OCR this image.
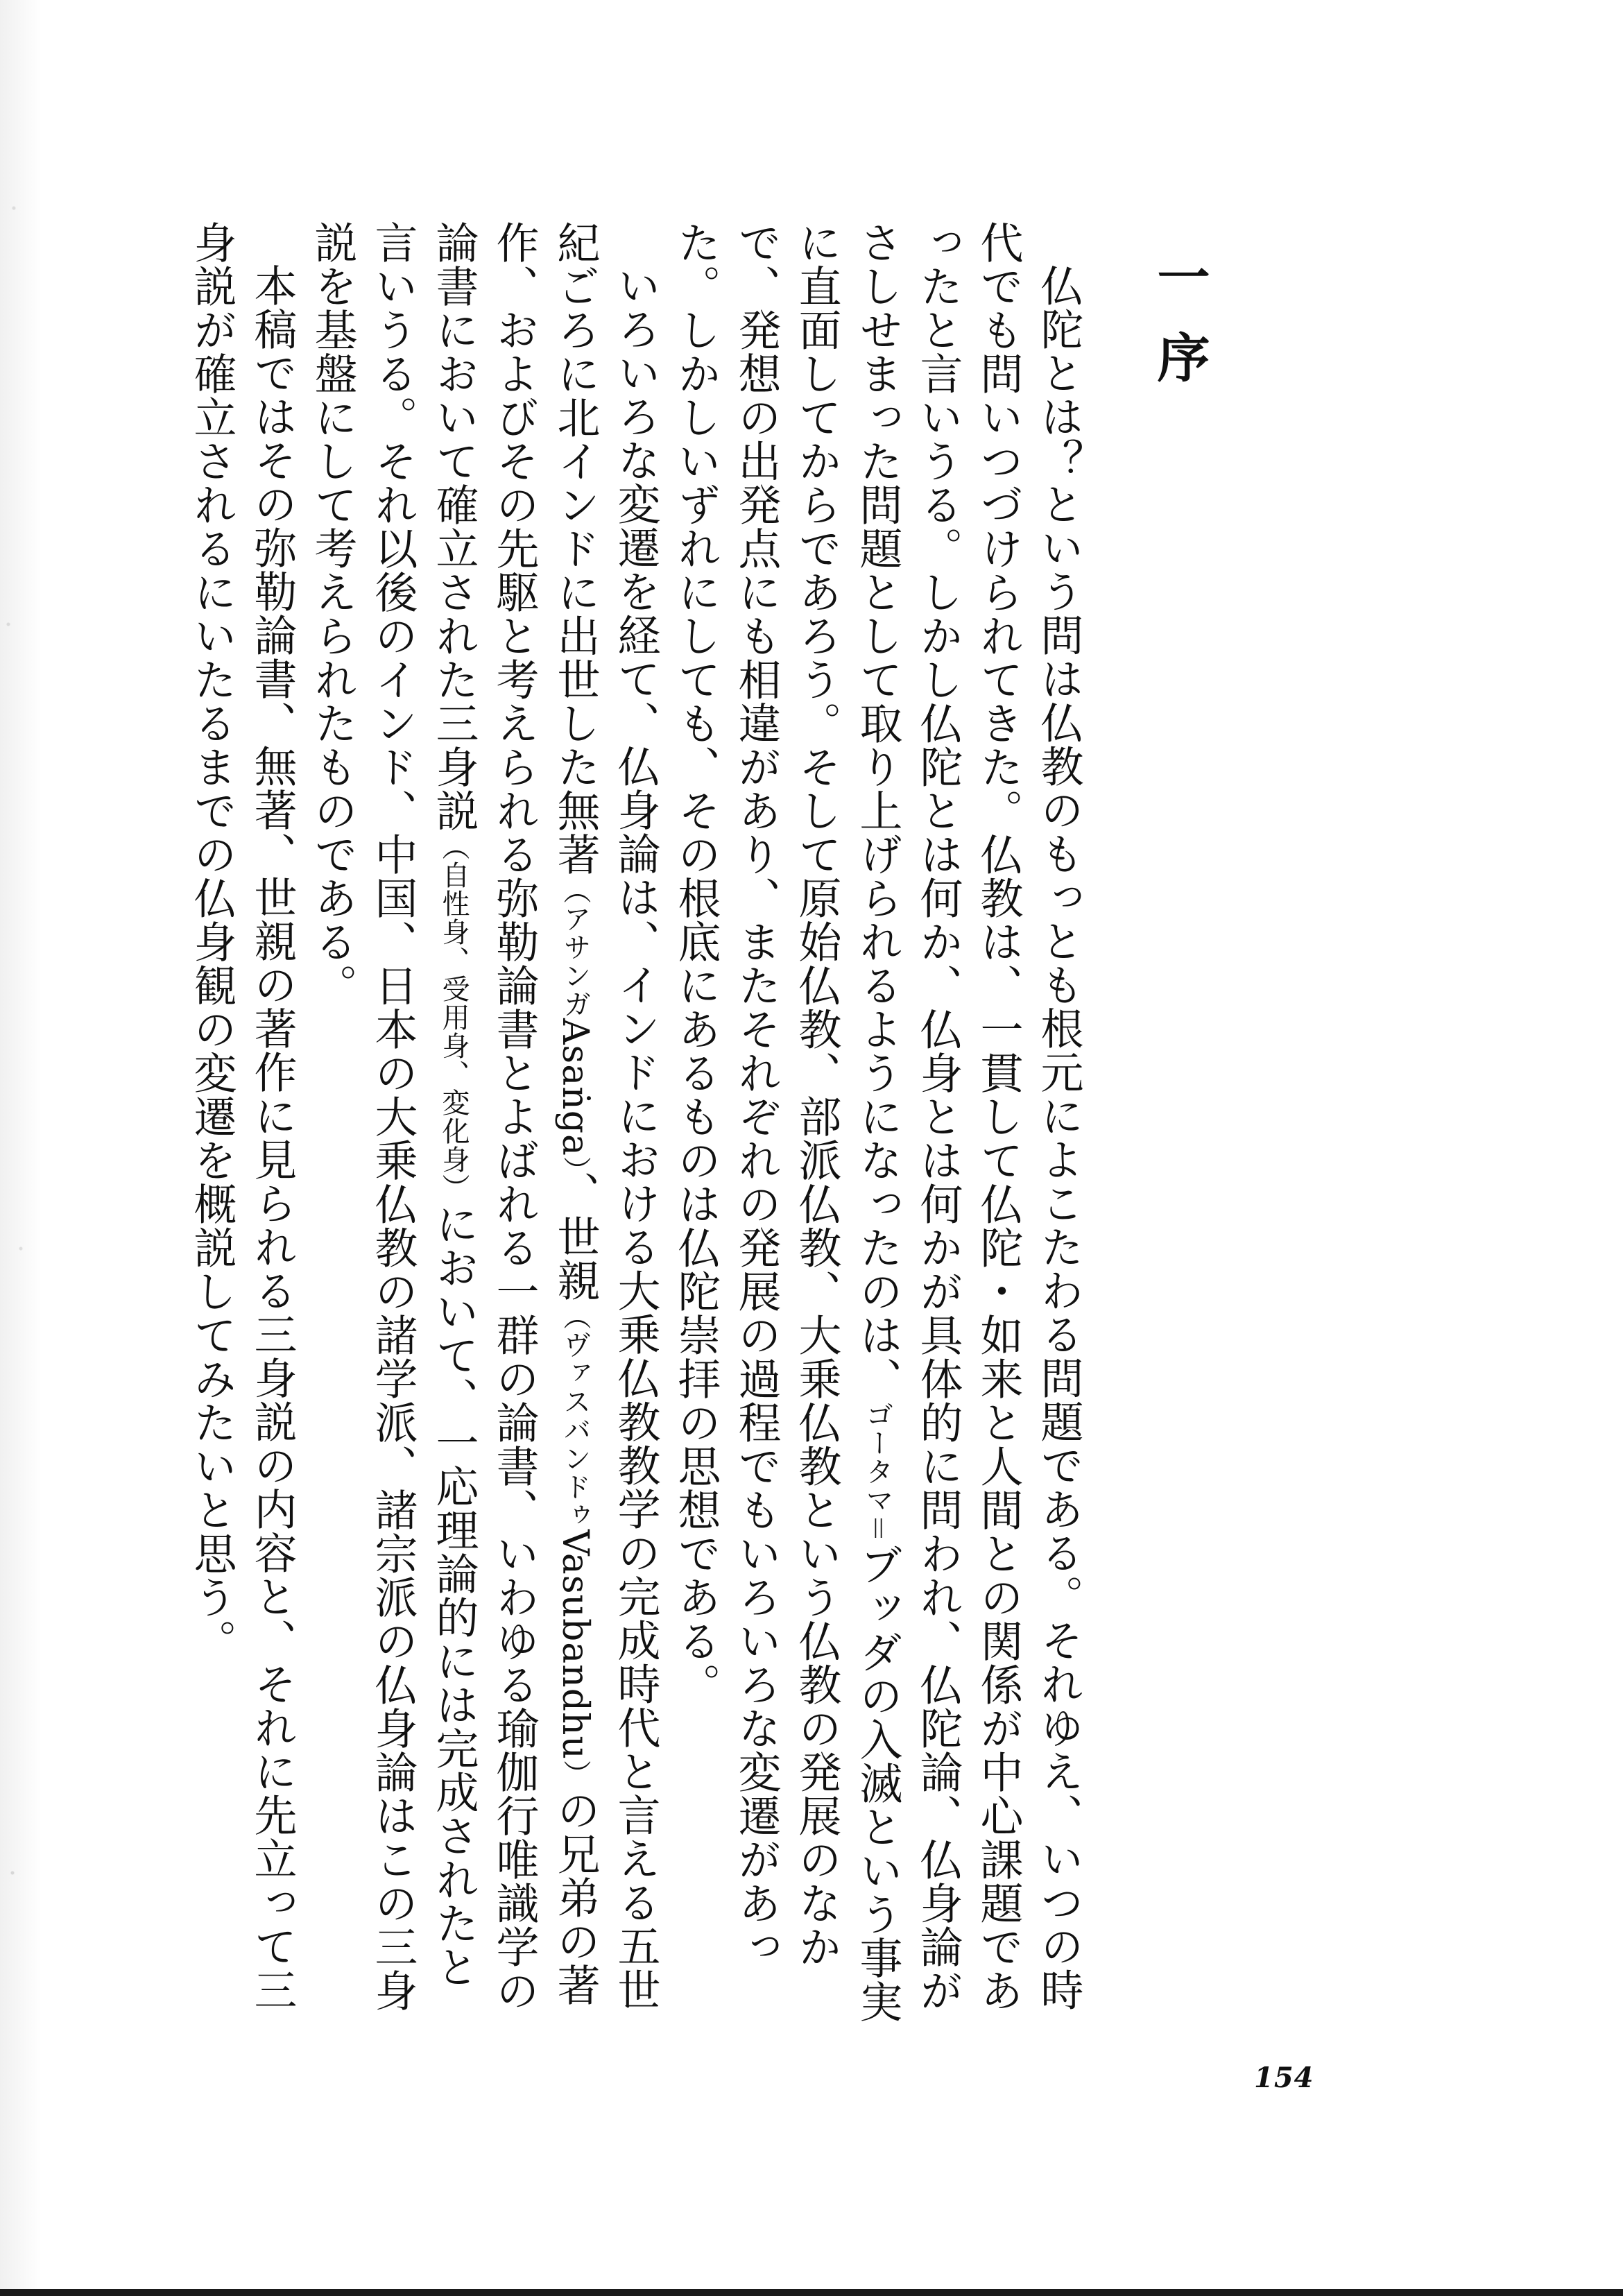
一序

仏陀とは？という問は仏教のもっとも根元によこたわる問題である。それゆえ、いつの時代でも問いつづけられてきた。仏教は、一貫して仏陀・如来と人間との関係が中心課題であったと言いうる。しかし仏陀とは何か、仏身とは何かが具体的に問われ、仏陀論、仏身論がさしせまった問題として取り上げられるようになったのは、ゴータマ＝ブッダの入滅という事実に直面してからであろう。そして原始仏教、部派仏教、大乗仏教という仏教の発展のなかで、発想の出発点にも相違があり、またそれぞれの発展の過程でもいろいろな変遷があった。しかしいずれにしても、その根底にあるものは仏陀崇拝の思想である。

いろいろな変遷を経て、仏身論は、インドにおける大乗仏教教学の完成時代と言える五世紀ごろに北インドに出世した無著（アサンガAsaṅga）、世親（ヴァスバンドゥVasubandhu）の兄弟の著作、およびその先駆と考えられる弥勒論書とよばれる一群の論書、いわゆる瑜伽行唯識学の論書において確立された三身説（自性身、受用身、変化身）において、一応理論的には完成されたと言いうる。それ以後のインド、中国、日本の大乗仏教の諸学派、諸宗派の仏身論はこの三身説を基盤にして考えられたものである。

本稿ではその弥勒論書、無著、世親の著作に見られる三身説の内容と、それに先立って三身説が確立されるにいたるまでの仏身観の変遷を概説してみたいと思う。

154
